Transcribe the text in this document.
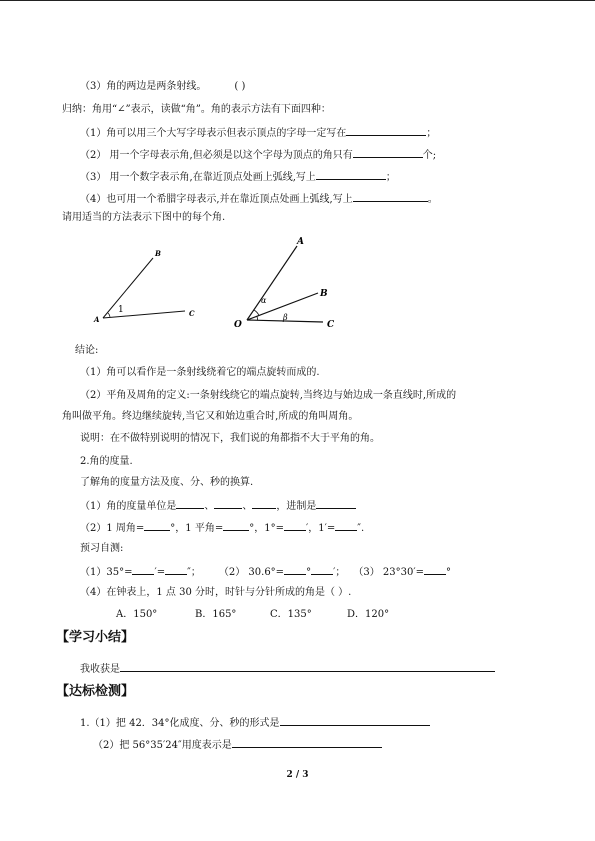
（3）角的两边是两条射线。	( )
归纳：角用“∠”表示，读做“角”。角的表示方法有下面四种：
（1）角可以用三个大写字母表示但表示顶点的字母一定写在	；
（2） 用一个字母表示角,但必须是以这个字母为顶点的角只有	个;
（3） 用一个数字表示角,在靠近顶点处画上弧线,写上	；
（4）也可用一个希腊字母表示,并在靠近顶点处画上弧线,写上	。
请用适当的方法表示下图中的每个角.
B
A
C
1
A
B
O	C
α
β
结论:
（1）角可以看作是一条射线绕着它的端点旋转而成的.
（2）平角及周角的定义:一条射线绕它的端点旋转,当终边与始边成一条直线时,所成的
角叫做平角。终边继续旋转,当它又和始边重合时,所成的角叫周角。
说明：在不做特别说明的情况下，我们说的角都指不大于平角的角。
2.角的度量.
了解角的度量方法及度、分、秒的换算.
（1）角的度量单位是	、	、 ，进制是
（2）1 周角=	°，1 平角=	°，1°= ′，1′= ″.
预习自测:
（1）35°= ′= ″； （2） 30.6°= ° ′； （3） 23°30′= °
（4）在钟表上，1 点 30 分时，时针与分针所成的角是（ ）.
A．150°	B．165°	C．135°	D．120°
【学习小结】
我收获是
【达标检测】
1.（1）把 42．34°化成度、分、秒的形式是
（2）把 56°35′24″用度表示是
2 / 3
